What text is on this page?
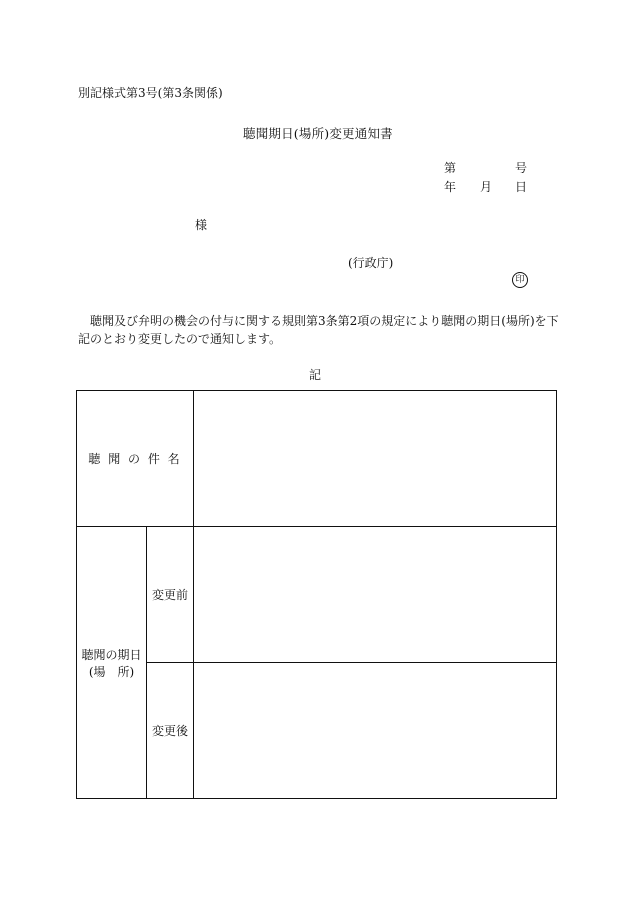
別記様式第3号(第3条関係)
聴聞期日(場所)変更通知書
第	号
年 月 日
様
(行政庁)
印
聴聞及び弁明の機会の付与に関する規則第3条第2項の規定により聴聞の期日(場所)を下
記のとおり変更したので通知します。
記
聴 聞 の 件 名		

聴聞の期日
(場　所)	変更前	
	変更後	
